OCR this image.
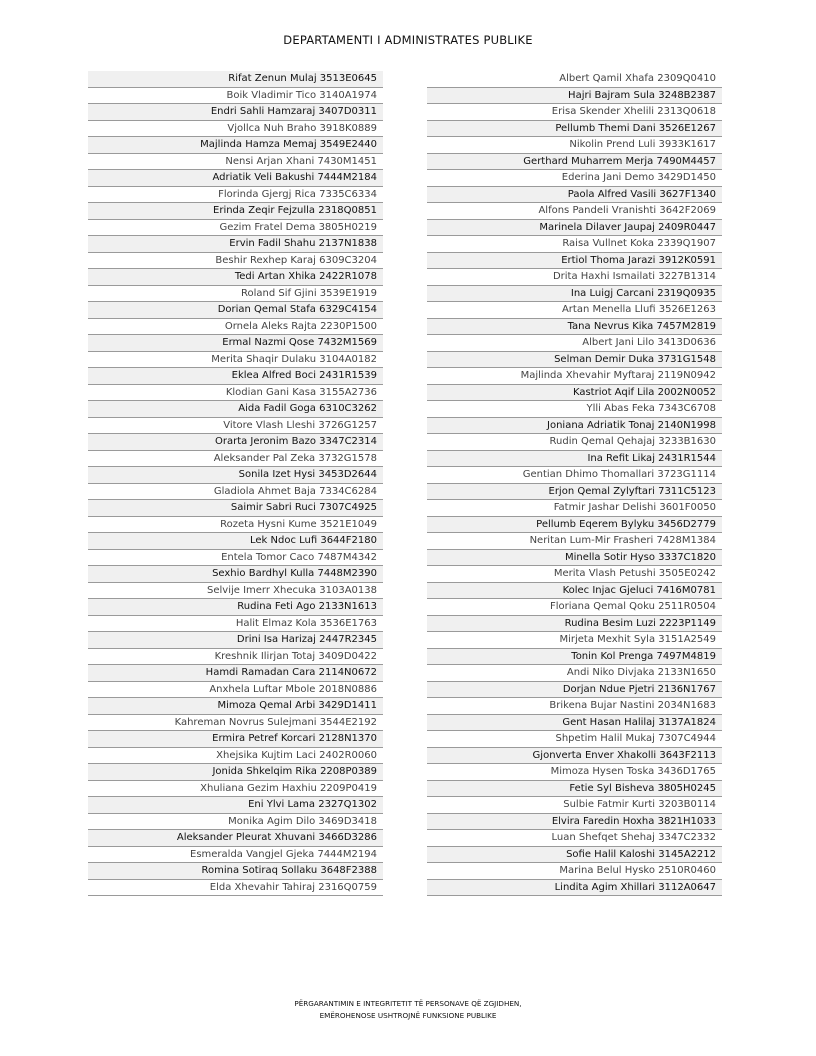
DEPARTAMENTI I ADMINISTRATES PUBLIKE
Rifat Zenun Mulaj 3513E0645
Boik Vladimir Tico 3140A1974
Endri Sahli Hamzaraj 3407D0311
Vjollca Nuh Braho 3918K0889
Majlinda Hamza Memaj 3549E2440
Nensi Arjan Xhani 7430M1451
Adriatik Veli Bakushi 7444M2184
Florinda Gjergj Rica 7335C6334
Erinda Zeqir Fejzulla 2318Q0851
Gezim Fratel Dema 3805H0219
Ervin Fadil Shahu 2137N1838
Beshir Rexhep Karaj 6309C3204
Tedi Artan Xhika 2422R1078
Roland Sif Gjini 3539E1919
Dorian Qemal Stafa 6329C4154
Ornela Aleks Rajta 2230P1500
Ermal Nazmi Qose 7432M1569
Merita Shaqir Dulaku 3104A0182
Eklea Alfred Boci 2431R1539
Klodian Gani Kasa 3155A2736
Aida Fadil Goga 6310C3262
Vitore Vlash Lleshi 3726G1257
Orarta Jeronim Bazo 3347C2314
Aleksander Pal Zeka 3732G1578
Sonila Izet Hysi 3453D2644
Gladiola Ahmet Baja 7334C6284
Saimir Sabri Ruci 7307C4925
Rozeta Hysni Kume 3521E1049
Lek Ndoc Lufi 3644F2180
Entela Tomor Caco 7487M4342
Sexhio Bardhyl Kulla 7448M2390
Selvije Imerr Xhecuka 3103A0138
Rudina Feti Ago 2133N1613
Halit Elmaz Kola 3536E1763
Drini Isa Harizaj 2447R2345
Kreshnik Ilirjan Totaj 3409D0422
Hamdi Ramadan Cara 2114N0672
Anxhela Luftar Mbole 2018N0886
Mimoza Qemal Arbi 3429D1411
Kahreman Novrus Sulejmani 3544E2192
Ermira Petref Korcari 2128N1370
Xhejsika Kujtim Laci 2402R0060
Jonida Shkelqim Rika 2208P0389
Xhuliana Gezim Haxhiu 2209P0419
Eni Ylvi Lama 2327Q1302
Monika Agim Dilo 3469D3418
Aleksander Pleurat Xhuvani 3466D3286
Esmeralda Vangjel Gjeka 7444M2194
Romina Sotiraq Sollaku 3648F2388
Elda Xhevahir Tahiraj 2316Q0759
Albert Qamil Xhafa 2309Q0410
Hajri Bajram Sula 3248B2387
Erisa Skender Xhelili 2313Q0618
Pellumb Themi Dani 3526E1267
Nikolin Prend Luli 3933K1617
Gerthard Muharrem Merja 7490M4457
Ederina Jani Demo 3429D1450
Paola Alfred Vasili 3627F1340
Alfons Pandeli Vranishti 3642F2069
Marinela Dilaver Jaupaj 2409R0447
Raisa Vullnet Koka 2339Q1907
Ertiol Thoma Jarazi 3912K0591
Drita Haxhi Ismailati 3227B1314
Ina Luigj Carcani 2319Q0935
Artan Menella Llufi 3526E1263
Tana Nevrus Kika 7457M2819
Albert Jani Lilo 3413D0636
Selman Demir Duka 3731G1548
Majlinda Xhevahir Myftaraj 2119N0942
Kastriot Aqif Lila 2002N0052
Ylli Abas Feka 7343C6708
Joniana Adriatik Tonaj 2140N1998
Rudin Qemal Qehajaj 3233B1630
Ina Refit Likaj 2431R1544
Gentian Dhimo Thomallari 3723G1114
Erjon Qemal Zylyftari 7311C5123
Fatmir Jashar Delishi 3601F0050
Pellumb Eqerem Bylyku 3456D2779
Neritan Lum-Mir Frasheri 7428M1384
Minella Sotir Hyso 3337C1820
Merita Vlash Petushi 3505E0242
Kolec Injac Gjeluci 7416M0781
Floriana Qemal Qoku 2511R0504
Rudina Besim Luzi 2223P1149
Mirjeta Mexhit Syla 3151A2549
Tonin Kol Prenga 7497M4819
Andi Niko Divjaka 2133N1650
Dorjan Ndue Pjetri 2136N1767
Brikena Bujar Nastini 2034N1683
Gent Hasan Halilaj 3137A1824
Shpetim Halil Mukaj 7307C4944
Gjonverta Enver Xhakolli 3643F2113
Mimoza Hysen Toska 3436D1765
Fetie Syl Bisheva 3805H0245
Sulbie Fatmir Kurti 3203B0114
Elvira Faredin Hoxha 3821H1033
Luan Shefqet Shehaj 3347C2332
Sofie Halil Kaloshi 3145A2212
Marina Belul Hysko 2510R0460
Lindita Agim Xhillari 3112A0647
PËRGARANTIMIN E INTEGRITETIT TË PERSONAVE QË ZGJIDHEN,
EMËROHENOSE USHTROJNË FUNKSIONE PUBLIKE
